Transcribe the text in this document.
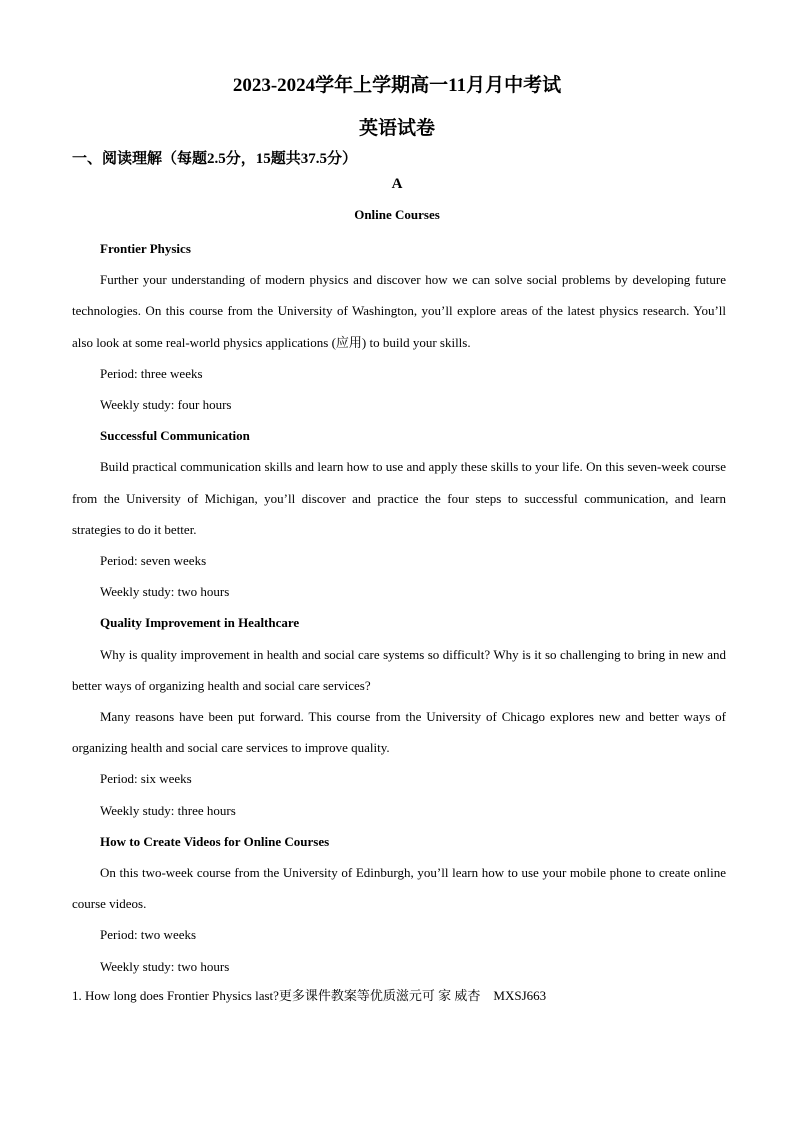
2023-2024学年上学期高一11月月中考试
英语试卷
一、阅读理解（每题2.5分，15题共37.5分）
A
Online Courses

Frontier Physics

Further your understanding of modern physics and discover how we can solve social problems by developing future technologies. On this course from the University of Washington, you’ll explore areas of the latest physics research. You’ll also look at some real-world physics applications (应用) to build your skills.

Period: three weeks

Weekly study: four hours

Successful Communication

Build practical communication skills and learn how to use and apply these skills to your life. On this seven-week course from the University of Michigan, you’ll discover and practice the four steps to successful communication, and learn strategies to do it better.

Period: seven weeks

Weekly study: two hours

Quality Improvement in Healthcare

Why is quality improvement in health and social care systems so difficult? Why is it so challenging to bring in new and better ways of organizing health and social care services?

Many reasons have been put forward. This course from the University of Chicago explores new and better ways of organizing health and social care services to improve quality.

Period: six weeks

Weekly study: three hours

How to Create Videos for Online Courses

On this two-week course from the University of Edinburgh, you’ll learn how to use your mobile phone to create online course videos.

Period: two weeks

Weekly study: two hours

1. How long does Frontier Physics last?更多课件教案等优质滋元可 家 威杏　MXSJ663
